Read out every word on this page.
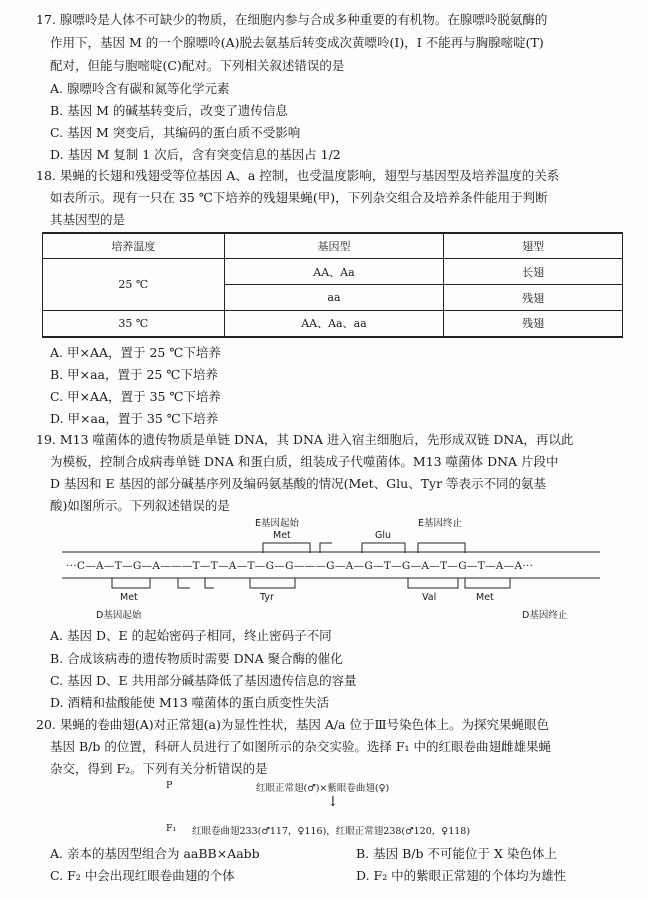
17. 腺嘌呤是人体不可缺少的物质，在细胞内参与合成多种重要的有机物。在腺嘌呤脱氨酶的
作用下，基因 M 的一个腺嘌呤(A)脱去氨基后转变成次黄嘌呤(I)，I 不能再与胸腺嘧啶(T)
配对，但能与胞嘧啶(C)配对。下列相关叙述错误的是
A. 腺嘌呤含有碳和氮等化学元素
B. 基因 M 的碱基转变后，改变了遗传信息
C. 基因 M 突变后，其编码的蛋白质不受影响
D. 基因 M 复制 1 次后，含有突变信息的基因占 1/2
18. 果蝇的长翅和残翅受等位基因 A、a 控制，也受温度影响，翅型与基因型及培养温度的关系
如表所示。现有一只在 35 ℃下培养的残翅果蝇(甲)，下列杂交组合及培养条件能用于判断
其基因型的是
培养温度	基因型	翅型
25 ℃	AA、Aa	长翅
	aa	残翅
35 ℃	AA、Aa、aa	残翅
A. 甲×AA，置于 25 ℃下培养
B. 甲×aa，置于 25 ℃下培养
C. 甲×AA，置于 35 ℃下培养
D. 甲×aa，置于 35 ℃下培养
19. M13 噬菌体的遗传物质是单链 DNA，其 DNA 进入宿主细胞后，先形成双链 DNA，再以此
为模板，控制合成病毒单链 DNA 和蛋白质，组装成子代噬菌体。M13 噬菌体 DNA 片段中
D 基因和 E 基因的部分碱基序列及编码氨基酸的情况(Met、Glu、Tyr 等表示不同的氨基
酸)如图所示。下列叙述错误的是
E基因起始	E基因终止
Met	Glu
···C—A—T—G—A———T—T—A—T—G—G———G—A—G—T—G—A—T—G—T—A—A···
Met	Tyr	Val	Met
D基因起始	D基因终止
A. 基因 D、E 的起始密码子相同，终止密码子不同
B. 合成该病毒的遗传物质时需要 DNA 聚合酶的催化
C. 基因 D、E 共用部分碱基降低了基因遗传信息的容量
D. 酒精和盐酸能使 M13 噬菌体的蛋白质变性失活
20. 果蝇的卷曲翅(A)对正常翅(a)为显性性状，基因 A/a 位于Ⅲ号染色体上。为探究果蝇眼色
基因 B/b 的位置，科研人员进行了如图所示的杂交实验。选择 F₁ 中的红眼卷曲翅雌雄果蝇
杂交，得到 F₂。下列有关分析错误的是
P	红眼正常翅(♂)×紫眼卷曲翅(♀)
↓
F₁ 红眼卷曲翅233(♂117，♀116)，红眼正常翅238(♂120，♀118)
A. 亲本的基因型组合为 aaBB×Aabb	B. 基因 B/b 不可能位于 X 染色体上
C. F₂ 中会出现红眼卷曲翅的个体	D. F₂ 中的紫眼正常翅的个体均为雄性
